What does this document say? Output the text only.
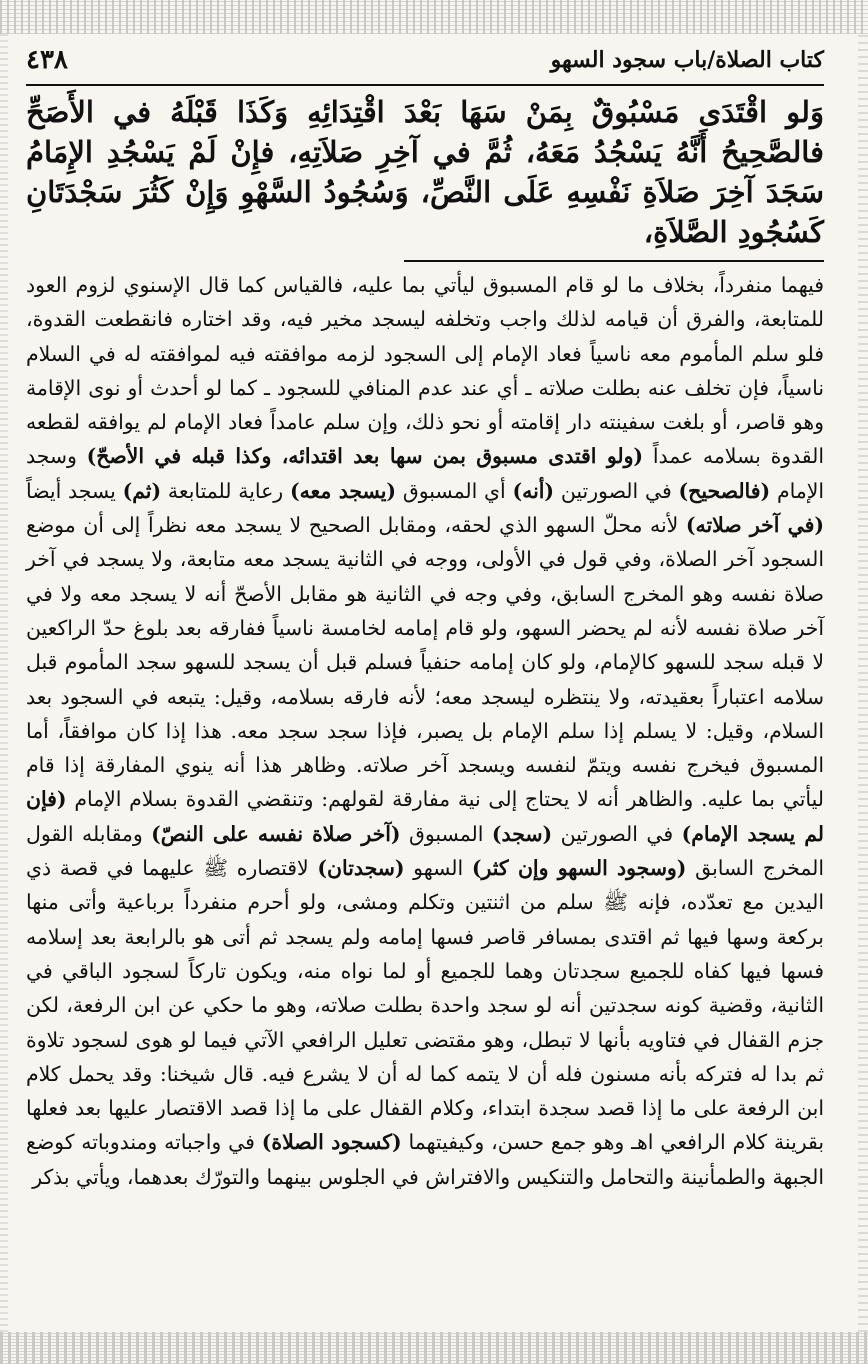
كتاب الصلاة/باب سجود السهو
٤٣٨
وَلو اقْتَدَى مَسْبُوقٌ بِمَنْ سَهَا بَعْدَ اقْتِدَائِهِ وَكَذَا قَبْلَهُ في الأَصَحِّ فالصَّحِيحُ أَنَّهُ يَسْجُدُ مَعَهُ، ثُمَّ في آخِرِ صَلاَتِهِ، فإِنْ لَمْ يَسْجُدِ الإِمَامُ سَجَدَ آخِرَ صَلاَةِ نَفْسِهِ عَلَى النَّصِّ، وَسُجُودُ السَّهْوِ وَإِنْ كَثُرَ سَجْدَتَانِ كَسُجُودِ الصَّلاَةِ،

فيهما منفرداً، بخلاف ما لو قام المسبوق ليأتي بما عليه، فالقياس كما قال الإسنوي لزوم العود للمتابعة، والفرق أن قيامه لذلك واجب وتخلفه ليسجد مخير فيه، وقد اختاره فانقطعت القدوة، فلو سلم المأموم معه ناسياً فعاد الإمام إلى السجود لزمه موافقته فيه لموافقته له في السلام ناسياً، فإن تخلف عنه بطلت صلاته ـ أي عند عدم المنافي للسجود ـ كما لو أحدث أو نوى الإقامة وهو قاصر، أو بلغت سفينته دار إقامته أو نحو ذلك، وإن سلم عامداً فعاد الإمام لم يوافقه لقطعه القدوة بسلامه عمداً (ولو اقتدى مسبوق بمن سها بعد اقتدائه، وكذا قبله في الأصحّ) وسجد الإمام (فالصحيح) في الصورتين (أنه) أي المسبوق (يسجد معه) رعاية للمتابعة (ثم) يسجد أيضاً (في آخر صلاته) لأنه محلّ السهو الذي لحقه، ومقابل الصحيح لا يسجد معه نظراً إلى أن موضع السجود آخر الصلاة، وفي قول في الأولى، ووجه في الثانية يسجد معه متابعة، ولا يسجد في آخر صلاة نفسه وهو المخرج السابق، وفي وجه في الثانية هو مقابل الأصحّ أنه لا يسجد معه ولا في آخر صلاة نفسه لأنه لم يحضر السهو، ولو قام إمامه لخامسة ناسياً ففارقه بعد بلوغ حدّ الراكعين لا قبله سجد للسهو كالإمام، ولو كان إمامه حنفياً فسلم قبل أن يسجد للسهو سجد المأموم قبل سلامه اعتباراً بعقيدته، ولا ينتظره ليسجد معه؛ لأنه فارقه بسلامه، وقيل: يتبعه في السجود بعد السلام، وقيل: لا يسلم إذا سلم الإمام بل يصبر، فإذا سجد سجد معه. هذا إذا كان موافقاً، أما المسبوق فيخرج نفسه ويتمّ لنفسه ويسجد آخر صلاته. وظاهر هذا أنه ينوي المفارقة إذا قام ليأتي بما عليه. والظاهر أنه لا يحتاج إلى نية مفارقة لقولهم: وتنقضي القدوة بسلام الإمام (فإن لم يسجد الإمام) في الصورتين (سجد) المسبوق (آخر صلاة نفسه على النصّ) ومقابله القول المخرج السابق (وسجود السهو وإن كثر) السهو (سجدتان) لاقتصاره ﷺ عليهما في قصة ذي اليدين مع تعدّده، فإنه ﷺ سلم من اثنتين وتكلم ومشى، ولو أحرم منفرداً برباعية وأتى منها بركعة وسها فيها ثم اقتدى بمسافر قاصر فسها إمامه ولم يسجد ثم أتى هو بالرابعة بعد إسلامه فسها فيها كفاه للجميع سجدتان وهما للجميع أو لما نواه منه، ويكون تاركاً لسجود الباقي في الثانية، وقضية كونه سجدتين أنه لو سجد واحدة بطلت صلاته، وهو ما حكي عن ابن الرفعة، لكن جزم القفال في فتاويه بأنها لا تبطل، وهو مقتضى تعليل الرافعي الآتي فيما لو هوى لسجود تلاوة ثم بدا له فتركه بأنه مسنون فله أن لا يتمه كما له أن لا يشرع فيه. قال شيخنا: وقد يحمل كلام ابن الرفعة على ما إذا قصد سجدة ابتداء، وكلام القفال على ما إذا قصد الاقتصار عليها بعد فعلها بقرينة كلام الرافعي اهـ وهو جمع حسن، وكيفيتهما (كسجود الصلاة) في واجباته ومندوباته كوضع الجبهة والطمأنينة والتحامل والتنكيس والافتراش في الجلوس بينهما والتورّك بعدهما، ويأتي بذكر
